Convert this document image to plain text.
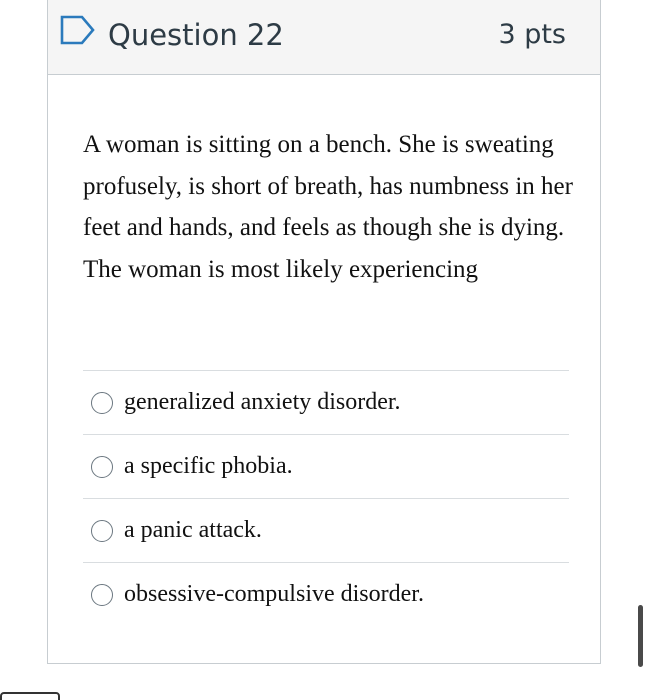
Question 22	3 pts
A woman is sitting on a bench. She is sweating profusely, is short of breath, has numbness in her feet and hands, and feels as though she is dying. The woman is most likely experiencing
generalized anxiety disorder.
a specific phobia.
a panic attack.
obsessive-compulsive disorder.
